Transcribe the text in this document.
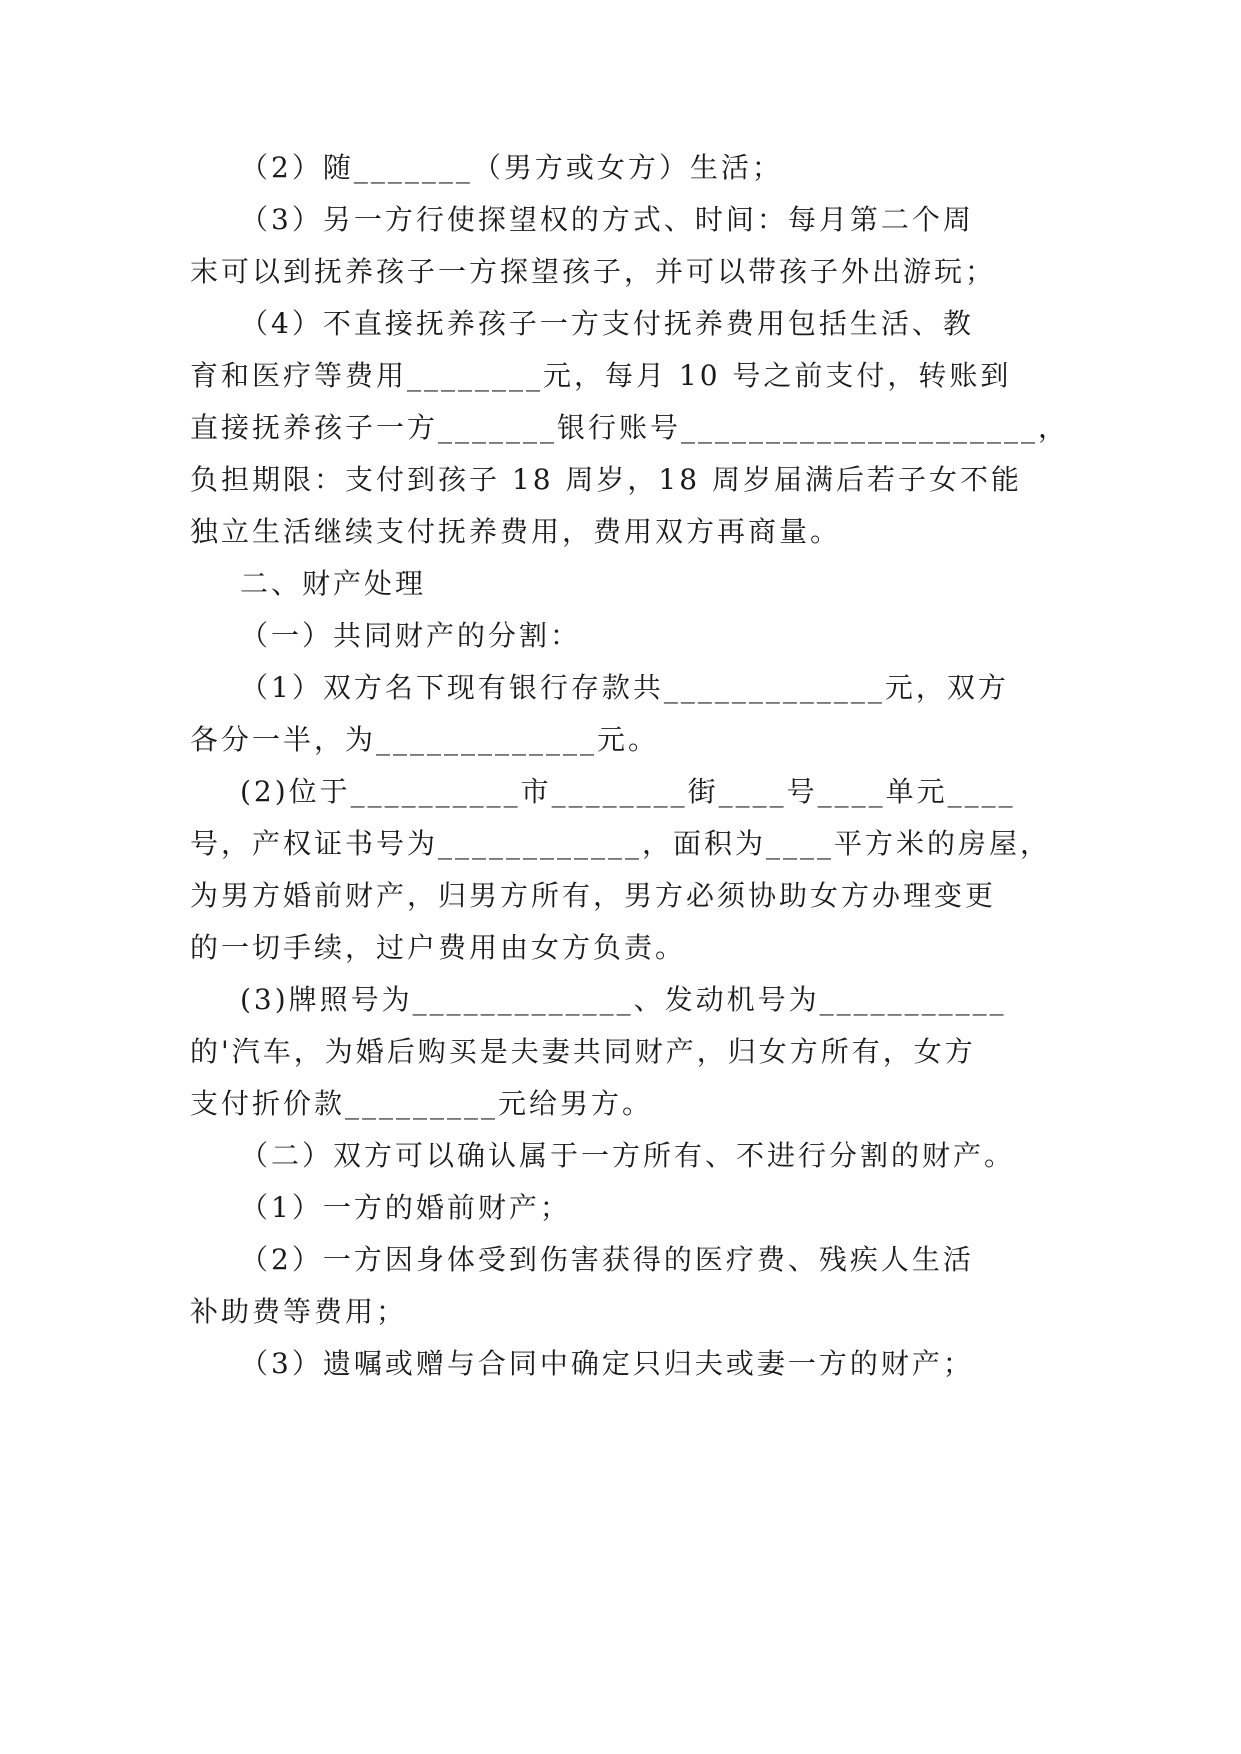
（2）随_______（男方或女方）生活；
（3）另一方行使探望权的方式、时间：每月第二个周
末可以到抚养孩子一方探望孩子，并可以带孩子外出游玩；
（4）不直接抚养孩子一方支付抚养费用包括生活、教
育和医疗等费用________元，每月 10 号之前支付，转账到
直接抚养孩子一方_______银行账号_____________________，
负担期限：支付到孩子 18 周岁，18 周岁届满后若子女不能
独立生活继续支付抚养费用，费用双方再商量。
二、财产处理
（一）共同财产的分割：
（1）双方名下现有银行存款共_____________元，双方
各分一半，为_____________元。
(2)位于__________市________街____号____单元____
号，产权证书号为____________，面积为____平方米的房屋，
为男方婚前财产，归男方所有，男方必须协助女方办理变更
的一切手续，过户费用由女方负责。
(3)牌照号为_____________、发动机号为___________
的'汽车，为婚后购买是夫妻共同财产，归女方所有，女方
支付折价款_________元给男方。
（二）双方可以确认属于一方所有、不进行分割的财产。
（1）一方的婚前财产；
（2）一方因身体受到伤害获得的医疗费、残疾人生活
补助费等费用；
（3）遗嘱或赠与合同中确定只归夫或妻一方的财产；
